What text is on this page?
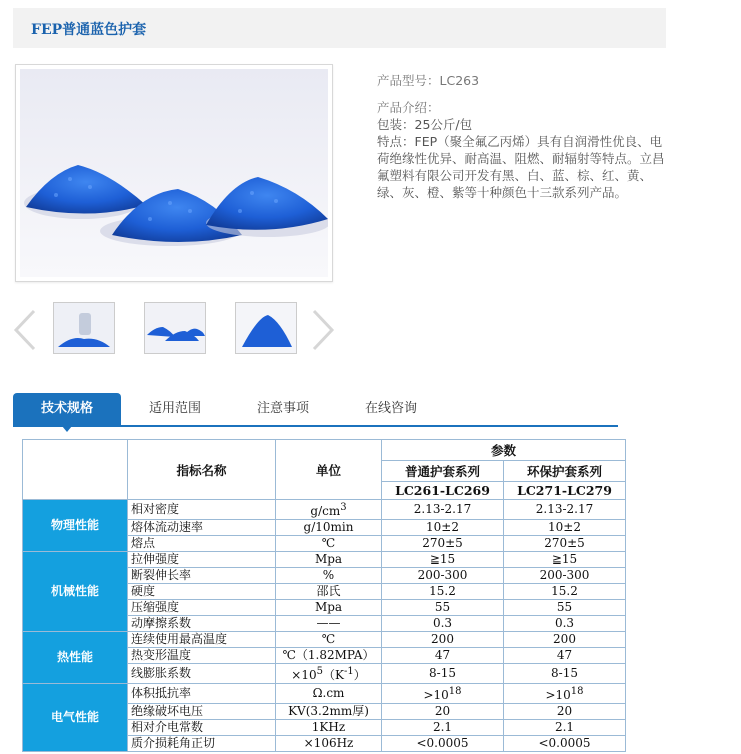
FEP普通蓝色护套
产品型号：LC263
产品介绍：
包装：25公斤/包
特点：FEP（聚全氟乙丙烯）具有自润滑性优良、电荷绝缘性优异、耐高温、阻燃、耐辐射等特点。立昌氟塑料有限公司开发有黑、白、蓝、棕、红、黄、绿、灰、橙、紫等十种颜色十三款系列产品。
技术规格	适用范围	注意事项	在线咨询
	指标名称	单位	参数	
			普通护套系列	环保护套系列
			LC261-LC269	LC271-LC279
物理性能	相对密度	$g/cm^3$	2.13-2.17	2.13-2.17
	熔体流动速率	g/10min	10±2	10±2
	熔点	℃	270±5	270±5
机械性能	拉伸强度	Mpa	≧15	≧15
	断裂伸长率	%	200-300	200-300
	硬度	邵氏	15.2	15.2
	压缩强度	Mpa	55	55
	动摩擦系数	——	0.3	0.3
热性能	连续使用最高温度	℃	200	200
	热变形温度	℃（1.82MPA）	47	47
	线膨胀系数	$\times 10^5(K^{-1})$	8-15	8-15
电气性能	体积抵抗率	Ω.cm	$>10^{18}$	$>10^{18}$
	绝缘破坏电压	KV(3.2mm厚)	20	20
	相对介电常数	1KHz	2.1	2.1
	质介损耗角正切	×106Hz	<0.0005	<0.0005
